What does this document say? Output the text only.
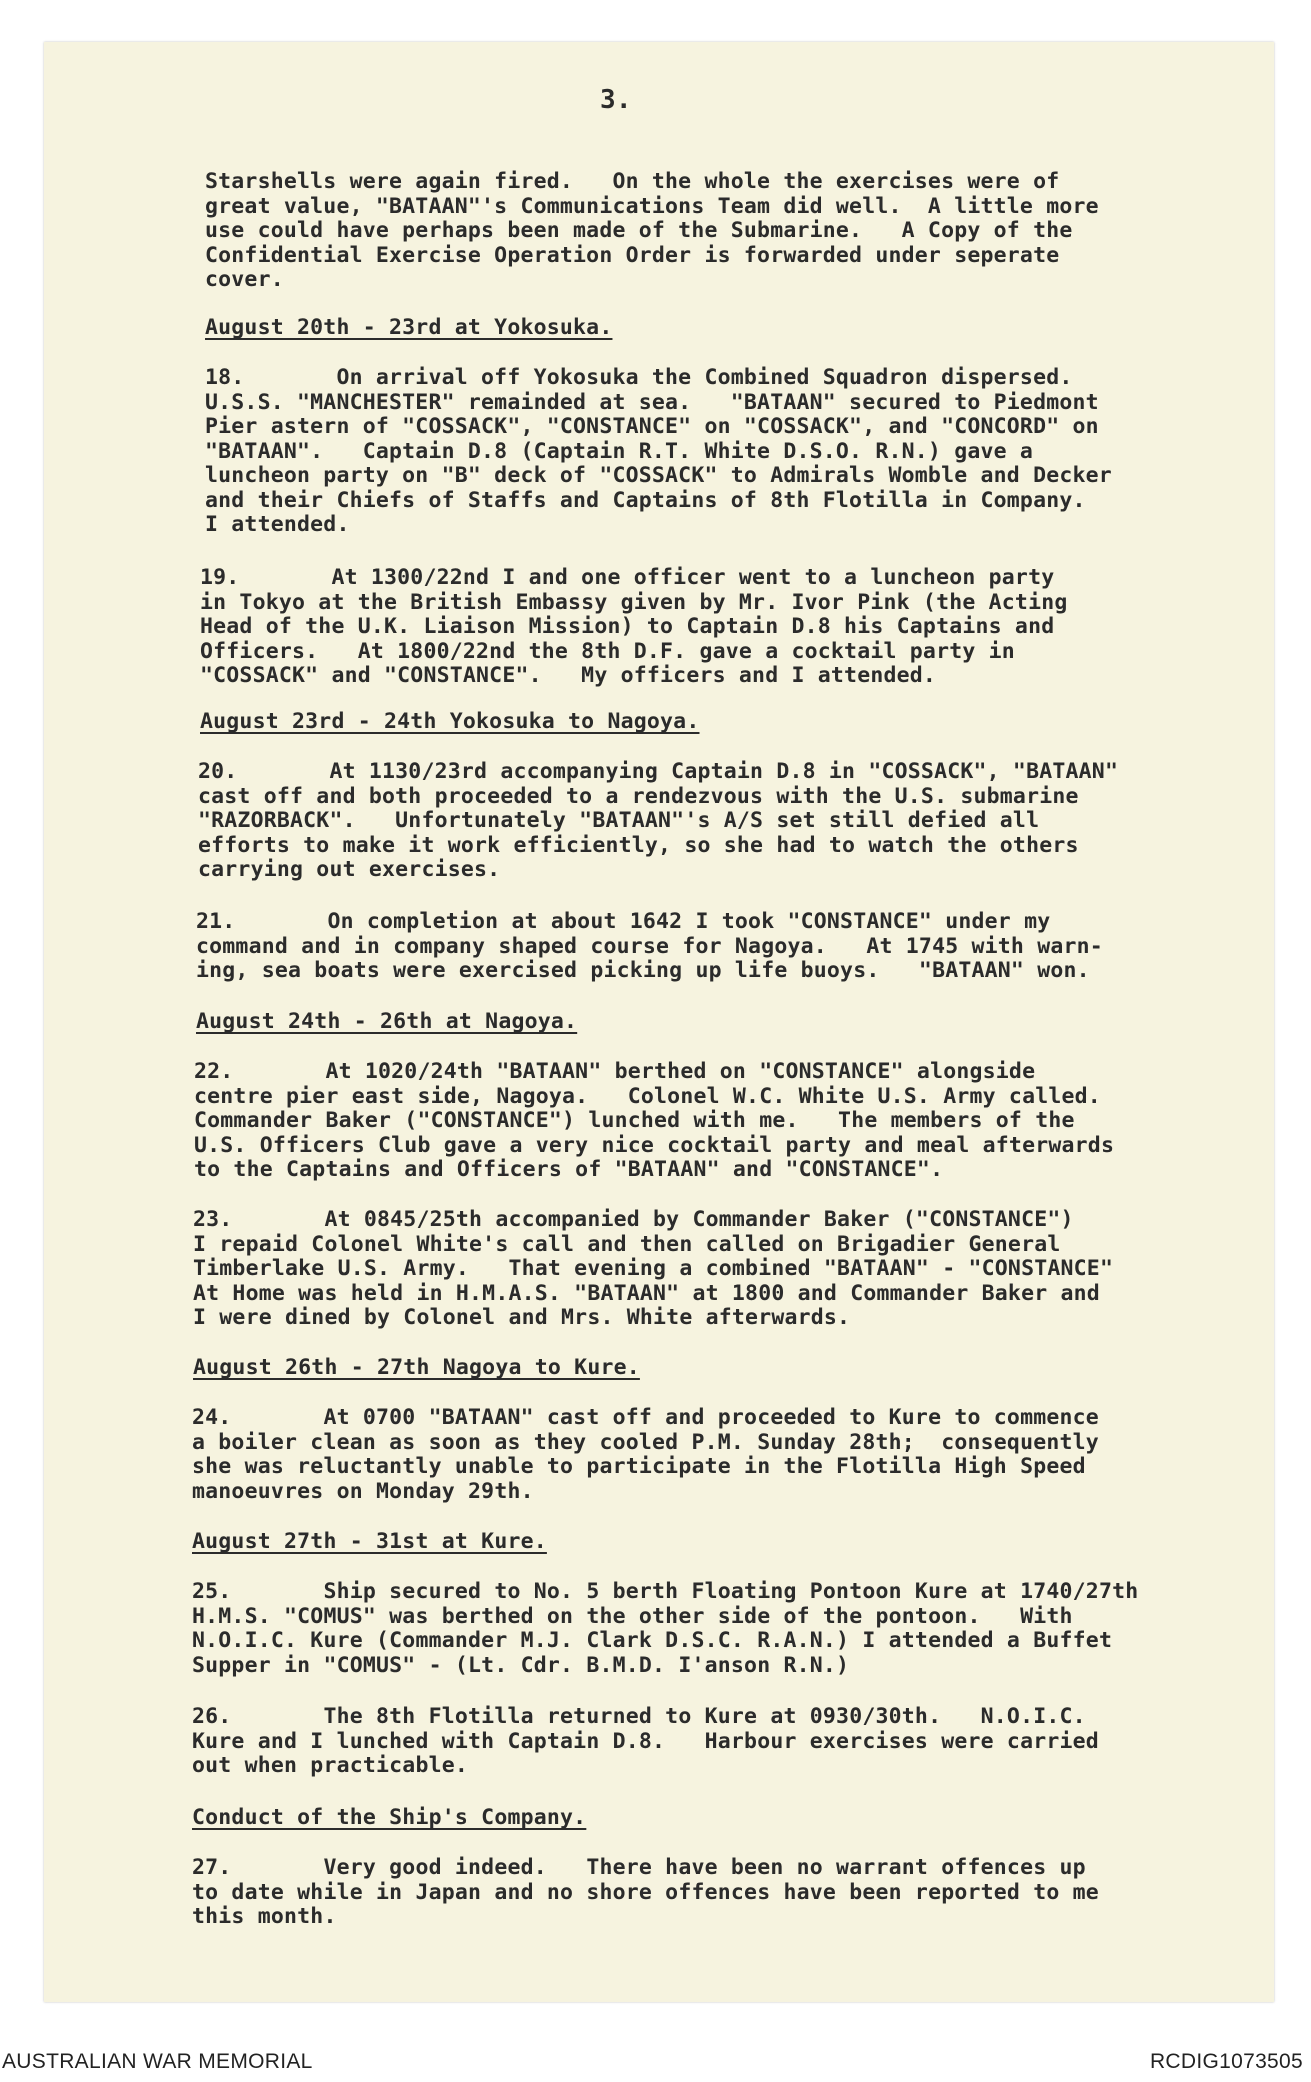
3.
Starshells were again fired.   On the whole the exercises were of
great value, "BATAAN"'s Communications Team did well.  A little more
use could have perhaps been made of the Submarine.   A Copy of the
Confidential Exercise Operation Order is forwarded under seperate
cover.
August 20th - 23rd at Yokosuka.
18.       On arrival off Yokosuka the Combined Squadron dispersed.
U.S.S. "MANCHESTER" remainded at sea.   "BATAAN" secured to Piedmont
Pier astern of "COSSACK", "CONSTANCE" on "COSSACK", and "CONCORD" on
"BATAAN".   Captain D.8 (Captain R.T. White D.S.O. R.N.) gave a
luncheon party on "B" deck of "COSSACK" to Admirals Womble and Decker
and their Chiefs of Staffs and Captains of 8th Flotilla in Company.
I attended.
19.       At 1300/22nd I and one officer went to a luncheon party
in Tokyo at the British Embassy given by Mr. Ivor Pink (the Acting
Head of the U.K. Liaison Mission) to Captain D.8 his Captains and
Officers.   At 1800/22nd the 8th D.F. gave a cocktail party in
"COSSACK" and "CONSTANCE".   My officers and I attended.
August 23rd - 24th Yokosuka to Nagoya.
20.       At 1130/23rd accompanying Captain D.8 in "COSSACK", "BATAAN"
cast off and both proceeded to a rendezvous with the U.S. submarine
"RAZORBACK".   Unfortunately "BATAAN"'s A/S set still defied all
efforts to make it work efficiently, so she had to watch the others
carrying out exercises.
21.       On completion at about 1642 I took "CONSTANCE" under my
command and in company shaped course for Nagoya.   At 1745 with warn-
ing, sea boats were exercised picking up life buoys.   "BATAAN" won.
August 24th - 26th at Nagoya.
22.       At 1020/24th "BATAAN" berthed on "CONSTANCE" alongside
centre pier east side, Nagoya.   Colonel W.C. White U.S. Army called.
Commander Baker ("CONSTANCE") lunched with me.   The members of the
U.S. Officers Club gave a very nice cocktail party and meal afterwards
to the Captains and Officers of "BATAAN" and "CONSTANCE".
23.       At 0845/25th accompanied by Commander Baker ("CONSTANCE")
I repaid Colonel White's call and then called on Brigadier General
Timberlake U.S. Army.   That evening a combined "BATAAN" - "CONSTANCE"
At Home was held in H.M.A.S. "BATAAN" at 1800 and Commander Baker and
I were dined by Colonel and Mrs. White afterwards.
August 26th - 27th Nagoya to Kure.
24.       At 0700 "BATAAN" cast off and proceeded to Kure to commence
a boiler clean as soon as they cooled P.M. Sunday 28th;  consequently
she was reluctantly unable to participate in the Flotilla High Speed
manoeuvres on Monday 29th.
August 27th - 31st at Kure.
25.       Ship secured to No. 5 berth Floating Pontoon Kure at 1740/27th
H.M.S. "COMUS" was berthed on the other side of the pontoon.   With
N.O.I.C. Kure (Commander M.J. Clark D.S.C. R.A.N.) I attended a Buffet
Supper in "COMUS" - (Lt. Cdr. B.M.D. I'anson R.N.)
26.       The 8th Flotilla returned to Kure at 0930/30th.   N.O.I.C.
Kure and I lunched with Captain D.8.   Harbour exercises were carried
out when practicable.
Conduct of the Ship's Company.
27.       Very good indeed.   There have been no warrant offences up
to date while in Japan and no shore offences have been reported to me
this month.
AUSTRALIAN WAR MEMORIAL	RCDIG1073505
